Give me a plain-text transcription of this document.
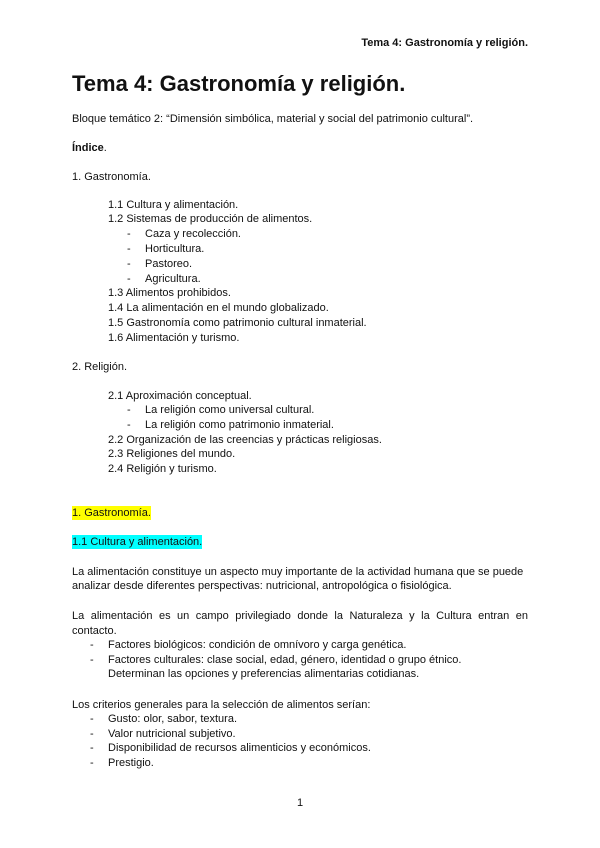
Tema 4: Gastronomía y religión.
Tema 4: Gastronomía y religión.
Bloque temático 2: “Dimensión simbólica, material y social del patrimonio cultural”.
Índice.
1. Gastronomía.
1.1 Cultura y alimentación.
1.2 Sistemas de producción de alimentos.
- Caza y recolección.
- Horticultura.
- Pastoreo.
- Agricultura.
1.3 Alimentos prohibidos.
1.4 La alimentación en el mundo globalizado.
1.5 Gastronomía como patrimonio cultural inmaterial.
1.6 Alimentación y turismo.
2. Religión.
2.1 Aproximación conceptual.
- La religión como universal cultural.
- La religión como patrimonio inmaterial.
2.2 Organización de las creencias y prácticas religiosas.
2.3 Religiones del mundo.
2.4 Religión y turismo.
1. Gastronomía.
1.1 Cultura y alimentación.
La alimentación constituye un aspecto muy importante de la actividad humana que se puede
analizar desde diferentes perspectivas: nutricional, antropológica o fisiológica.
La alimentación es un campo privilegiado donde la Naturaleza y la Cultura entran en
contacto.
- Factores biológicos: condición de omnívoro y carga genética.
- Factores culturales: clase social, edad, género, identidad o grupo étnico.
Determinan las opciones y preferencias alimentarias cotidianas.
Los criterios generales para la selección de alimentos serían:
- Gusto: olor, sabor, textura.
- Valor nutricional subjetivo.
- Disponibilidad de recursos alimenticios y económicos.
- Prestigio.
1
